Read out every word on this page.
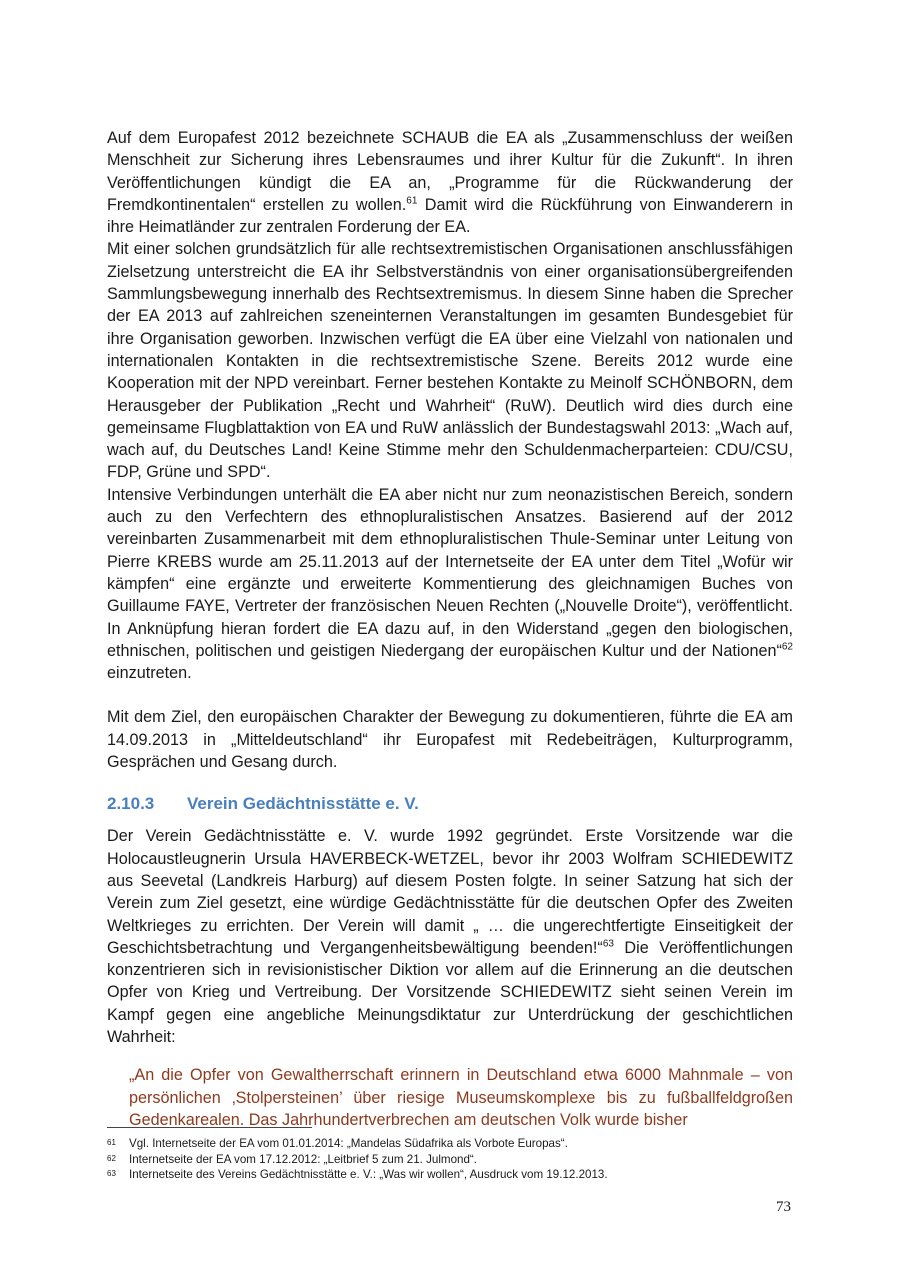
Auf dem Europafest 2012 bezeichnete SCHAUB die EA als „Zusammenschluss der weißen Menschheit zur Sicherung ihres Lebensraumes und ihrer Kultur für die Zukunft“. In ihren Veröffentlichungen kündigt die EA an, „Programme für die Rückwanderung der Fremdkontinentalen“ erstellen zu wollen.$^{61}$ Damit wird die Rückführung von Einwanderern in ihre Heimatländer zur zentralen Forderung der EA.

Mit einer solchen grundsätzlich für alle rechtsextremistischen Organisationen anschlussfähigen Zielsetzung unterstreicht die EA ihr Selbstverständnis von einer organisationsübergreifenden Sammlungsbewegung innerhalb des Rechtsextremismus. In diesem Sinne haben die Sprecher der EA 2013 auf zahlreichen szeneinternen Veranstaltungen im gesamten Bundesgebiet für ihre Organisation geworben. Inzwischen verfügt die EA über eine Vielzahl von nationalen und internationalen Kontakten in die rechtsextremistische Szene. Bereits 2012 wurde eine Kooperation mit der NPD vereinbart. Ferner bestehen Kontakte zu Meinolf SCHÖNBORN, dem Herausgeber der Publikation „Recht und Wahrheit“ (RuW). Deutlich wird dies durch eine gemeinsame Flugblattaktion von EA und RuW anlässlich der Bundestagswahl 2013: „Wach auf, wach auf, du Deutsches Land! Keine Stimme mehr den Schuldenmacherparteien: CDU/CSU, FDP, Grüne und SPD“.

Intensive Verbindungen unterhält die EA aber nicht nur zum neonazistischen Bereich, sondern auch zu den Verfechtern des ethnopluralistischen Ansatzes. Basierend auf der 2012 vereinbarten Zusammenarbeit mit dem ethnopluralistischen Thule-Seminar unter Leitung von Pierre KREBS wurde am 25.11.2013 auf der Internetseite der EA unter dem Titel „Wofür wir kämpfen“ eine ergänzte und erweiterte Kommentierung des gleichnamigen Buches von Guillaume FAYE, Vertreter der französischen Neuen Rechten („Nouvelle Droite“), veröffentlicht. In Anknüpfung hieran fordert die EA dazu auf, in den Widerstand „gegen den biologischen, ethnischen, politischen und geistigen Niedergang der europäischen Kultur und der Nationen“$^{62}$ einzutreten.

Mit dem Ziel, den europäischen Charakter der Bewegung zu dokumentieren, führte die EA am 14.09.2013 in „Mitteldeutschland“ ihr Europafest mit Redebeiträgen, Kulturprogramm, Gesprächen und Gesang durch.

2.10.3 Verein Gedächtnisstätte e. V.

Der Verein Gedächtnisstätte e. V. wurde 1992 gegründet. Erste Vorsitzende war die Holocaustleugnerin Ursula HAVERBECK-WETZEL, bevor ihr 2003 Wolfram SCHIEDEWITZ aus Seevetal (Landkreis Harburg) auf diesem Posten folgte. In seiner Satzung hat sich der Verein zum Ziel gesetzt, eine würdige Gedächtnisstätte für die deutschen Opfer des Zweiten Weltkrieges zu errichten. Der Verein will damit „ … die ungerechtfertigte Einseitigkeit der Geschichtsbetrachtung und Vergangenheitsbewältigung beenden!“$^{63}$ Die Veröffentlichungen konzentrieren sich in revisionistischer Diktion vor allem auf die Erinnerung an die deutschen Opfer von Krieg und Vertreibung. Der Vorsitzende SCHIEDEWITZ sieht seinen Verein im Kampf gegen eine angebliche Meinungsdiktatur zur Unterdrückung der geschichtlichen Wahrheit:

„An die Opfer von Gewaltherrschaft erinnern in Deutschland etwa 6000 Mahnmale – von persönlichen ‚Stolpersteinen’ über riesige Museumskomplexe bis zu fußballfeldgroßen Gedenkarealen. Das Jahrhundertverbrechen am deutschen Volk wurde bisher

61	Vgl. Internetseite der EA vom 01.01.2014: „Mandelas Südafrika als Vorbote Europas“.
62	Internetseite der EA vom 17.12.2012: „Leitbrief 5 zum 21. Julmond“.
63	Internetseite des Vereins Gedächtnisstätte e. V.: „Was wir wollen“, Ausdruck vom 19.12.2013.
73
